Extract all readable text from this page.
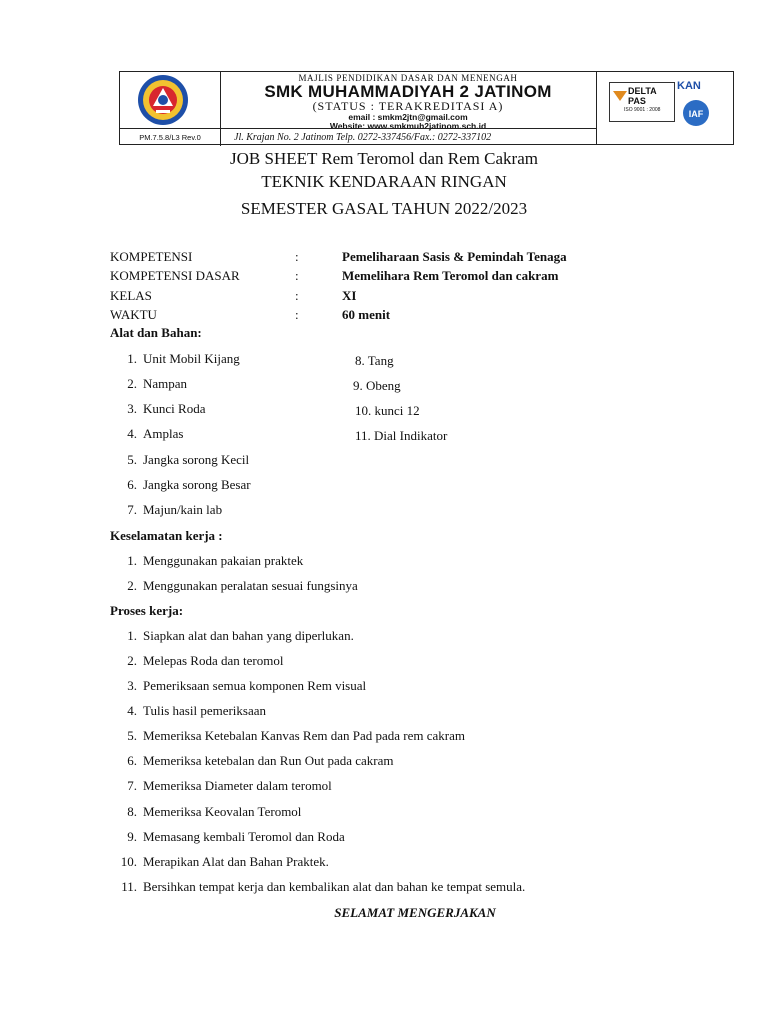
PM.7.5.8/L3 Rev.0
MAJLIS PENDIDIKAN DASAR DAN MENENGAH
SMK MUHAMMADIYAH 2 JATINOM
(STATUS : TERAKREDITASI A)
email : smkm2jtn@gmail.com
Website: www.smkmuh2jatinom.sch.id
Jl. Krajan No. 2 Jatinom Telp. 0272-337456/Fax.: 0272-337102
DELTA PAS
ISO 9001 : 2008
KAN
IAF
JOB SHEET Rem Teromol dan Rem Cakram
TEKNIK KENDARAAN RINGAN
SEMESTER GASAL TAHUN 2022/2023
KOMPETENSI	:	Pemeliharaan Sasis & Pemindah Tenaga
KOMPETENSI DASAR	:	Memelihara Rem Teromol dan cakram
KELAS	:	XI
WAKTU	:	60 menit
Alat dan Bahan:
1. Unit Mobil Kijang
2. Nampan
3. Kunci Roda
4. Amplas
5. Jangka sorong Kecil
6. Jangka sorong Besar
7. Majun/kain lab
8. Tang
9. Obeng
10. kunci 12
11. Dial Indikator
Keselamatan kerja :
1. Menggunakan pakaian praktek
2. Menggunakan peralatan sesuai fungsinya
Proses kerja:
1. Siapkan alat dan bahan yang diperlukan.
2. Melepas Roda dan teromol
3. Pemeriksaan semua komponen Rem visual
4. Tulis hasil pemeriksaan
5. Memeriksa Ketebalan Kanvas Rem dan Pad pada rem cakram
6. Memeriksa ketebalan dan Run Out pada cakram
7. Memeriksa Diameter dalam teromol
8. Memeriksa Keovalan Teromol
9. Memasang kembali Teromol dan Roda
10. Merapikan Alat dan Bahan Praktek.
11. Bersihkan tempat kerja dan kembalikan alat dan bahan ke tempat semula.
SELAMAT MENGERJAKAN
